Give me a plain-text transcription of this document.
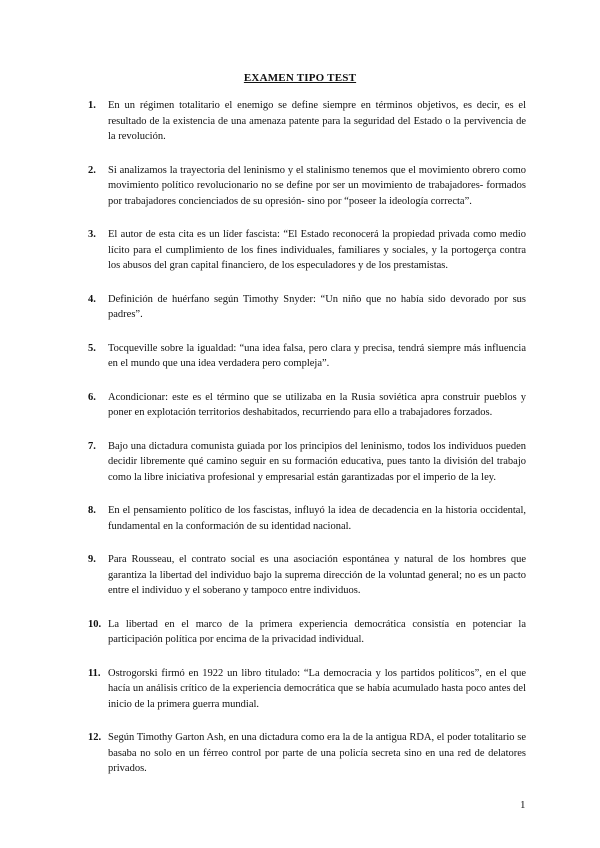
EXAMEN TIPO TEST
1. En un régimen totalitario el enemigo se define siempre en términos objetivos, es decir, es el resultado de la existencia de una amenaza patente para la seguridad del Estado o la pervivencia de la revolución.

2. Si analizamos la trayectoria del leninismo y el stalinismo tenemos que el movimiento obrero como movimiento político revolucionario no se define por ser un movimiento de trabajadores- formados por trabajadores concienciados de su opresión- sino por “poseer la ideología correcta”.

3. El autor de esta cita es un líder fascista: “El Estado reconocerá la propiedad privada como medio lícito para el cumplimiento de los fines individuales, familiares y sociales, y la portogerça contra los abusos del gran capital financiero, de los especuladores y de los prestamistas.

4. Definición de huérfano según Timothy Snyder: “Un niño que no había sido devorado por sus padres”.

5. Tocqueville sobre la igualdad: “una idea falsa, pero clara y precisa, tendrá siempre más influencia en el mundo que una idea verdadera pero compleja”.

6. Acondicionar: este es el término que se utilizaba en la Rusia soviética apra construir pueblos y poner en explotación territorios deshabitados, recurriendo para ello a trabajadores forzados.

7. Bajo una dictadura comunista guiada por los principios del leninismo, todos los individuos pueden decidir libremente qué camino seguir en su formación educativa, pues tanto la división del trabajo como la libre iniciativa profesional y empresarial están garantizadas por el imperio de la ley.

8. En el pensamiento político de los fascistas, influyó la idea de decadencia en la historia occidental, fundamental en la conformación de su identidad nacional.

9. Para Rousseau, el contrato social es una asociación espontánea y natural de los hombres que garantiza la libertad del individuo bajo la suprema dirección de la voluntad general; no es un pacto entre el individuo y el soberano y tampoco entre individuos.

10. La libertad en el marco de la primera experiencia democrática consistía en potenciar la participación política por encima de la privacidad individual.

11. Ostrogorski firmó en 1922 un libro titulado: “La democracia y los partidos políticos”, en el que hacía un análisis crítico de la experiencia democrática que se había acumulado hasta poco antes del inicio de la primera guerra mundial.

12. Según Timothy Garton Ash, en una dictadura como era la de la antigua RDA, el poder totalitario se basaba no solo en un férreo control por parte de una policía secreta sino en una red de delatores privados.

1
